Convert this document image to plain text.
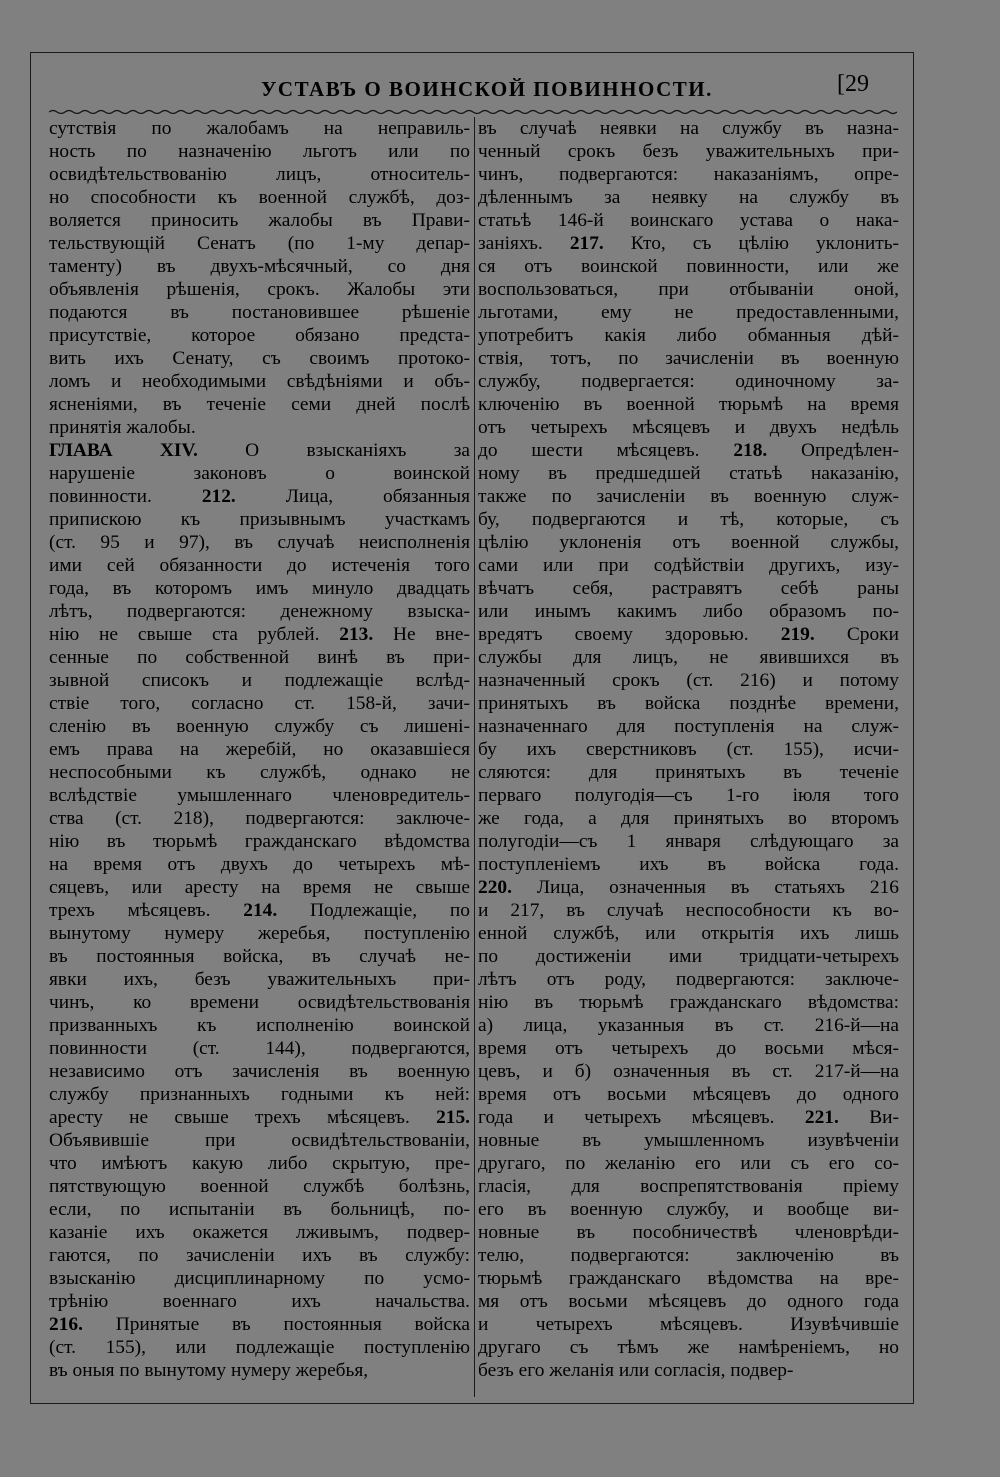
УСТАВЪ О ВОИНСКОЙ ПОВИННОСТИ.	[29
сутствія по жалобамъ на неправиль-
ность по назначенію льготъ или по
освидѣтельствованію лицъ, относитель-
но способности къ военной службѣ, доз-
воляется приносить жалобы въ Прави-
тельствующій Сенатъ (по 1-му депар-
таменту) въ двухъ-мѣсячный, со дня
объявленія рѣшенія, срокъ. Жалобы эти
подаются въ постановившее рѣшеніе
присутствіе, которое обязано предста-
вить ихъ Сенату, съ своимъ протоко-
ломъ и необходимыми свѣдѣніями и объ-
ясненіями, въ теченіе семи дней послѣ
принятія жалобы.
ГЛАВА XIV. О взысканіяхъ за
нарушеніе законовъ о воинской
повинности. 212. Лица, обязанныя
припискою къ призывнымъ участкамъ
(ст. 95 и 97), въ случаѣ неисполненія
ими сей обязанности до истеченія того
года, въ которомъ имъ минуло двадцать
лѣтъ, подвергаются: денежному взыска-
нію не свыше ста рублей. 213. Не внe-
сенные по собственной винѣ въ при-
зывной списокъ и подлежащіе вслѣд-
ствіе того, согласно ст. 158-й, зачи-
сленію въ военную службу съ лишені-
емъ права на жеребій, но оказавшіеся
неспособными къ службѣ, однако не
вслѣдствіе умышленнаго членовредитель-
ства (ст. 218), подвергаются: заключе-
нію въ тюрьмѣ гражданскаго вѣдомства
на время отъ двухъ до четырехъ мѣ-
сяцевъ, или аресту на время не свыше
трехъ мѣсяцевъ. 214. Подлежащіе, по
вынутому нумеру жеребья, поступленію
въ постоянныя войска, въ случаѣ не-
явки ихъ, безъ уважительныхъ при-
чинъ, ко времени освидѣтельствованія
призванныхъ къ исполненію воинской
повинности (ст. 144), подвергаются,
независимо отъ зачисленія въ военную
службу признанныхъ годными къ ней:
аресту не свыше трехъ мѣсяцевъ. 215.
Объявившіе при освидѣтельствованіи,
что имѣютъ какую либо скрытую, пре-
пятствующую военной службѣ болѣзнь,
если, по испытаніи въ больницѣ, по-
казаніе ихъ окажется лживымъ, подвер-
гаются, по зачисленіи ихъ въ службу:
взысканію дисциплинарному по усмо-
трѣнію военнаго ихъ начальства.
216. Принятые въ постоянныя войска
(ст. 155), или подлежащіе поступленію
въ оныя по вынутому нумеру жеребья,
въ случаѣ неявки на службу въ назна-
ченный срокъ безъ уважительныхъ при-
чинъ, подвергаются: наказаніямъ, опре-
дѣленнымъ за неявку на службу въ
статьѣ 146-й воинскаго устава о нака-
заніяхъ. 217. Кто, съ цѣлію уклонить-
ся отъ воинской повинности, или же
воспользоваться, при отбываніи оной,
льготами, ему не предоставленными,
употребитъ какія либо обманныя дѣй-
ствія, тотъ, по зачисленіи въ военную
службу, подвергается: одиночному за-
ключенію въ военной тюрьмѣ на время
отъ четырехъ мѣсяцевъ и двухъ недѣль
до шести мѣсяцевъ. 218. Опредѣлен-
ному въ предшедшей статьѣ наказанію,
также по зачисленіи въ военную служ-
бу, подвергаются и тѣ, которые, съ
цѣлію уклоненія отъ военной службы,
сами или при содѣйствіи другихъ, изу-
вѣчатъ себя, растравятъ себѣ раны
или инымъ какимъ либо образомъ по-
вредятъ своему здоровью. 219. Сроки
службы для лицъ, не явившихся въ
назначенный срокъ (ст. 216) и потому
принятыхъ въ войска позднѣе времени,
назначеннаго для поступленія на служ-
бу ихъ сверстниковъ (ст. 155), исчи-
сляются: для принятыхъ въ теченіе
перваго полугодія—съ 1-го іюля того
же года, а для принятыхъ во второмъ
полугодіи—съ 1 января слѣдующаго за
поступленіемъ ихъ въ войска года.
220. Лица, означенныя въ статьяхъ 216
и 217, въ случаѣ неспособности къ во-
енной службѣ, или открытія ихъ лишь
по достиженіи ими тридцати-четырехъ
лѣтъ отъ роду, подвергаются: заключе-
нію въ тюрьмѣ гражданскаго вѣдомства:
а) лица, указанныя въ ст. 216-й—на
время отъ четырехъ до восьми мѣся-
цевъ, и б) означенныя въ ст. 217-й—на
время отъ восьми мѣсяцевъ до одного
года и четырехъ мѣсяцевъ. 221. Ви-
новные въ умышленномъ изувѣченіи
другаго, по желанію его или съ его со-
гласія, для воспрепятствованія пріему
его въ военную службу, и вообще ви-
новные въ пособничествѣ членоврѣди-
телю, подвергаются: заключенію въ
тюрьмѣ гражданскаго вѣдомства на вре-
мя отъ восьми мѣсяцевъ до одного года
и четырехъ мѣсяцевъ. Изувѣчившіе
другаго съ тѣмъ же намѣреніемъ, но
безъ его желанія или согласія, подвер-
